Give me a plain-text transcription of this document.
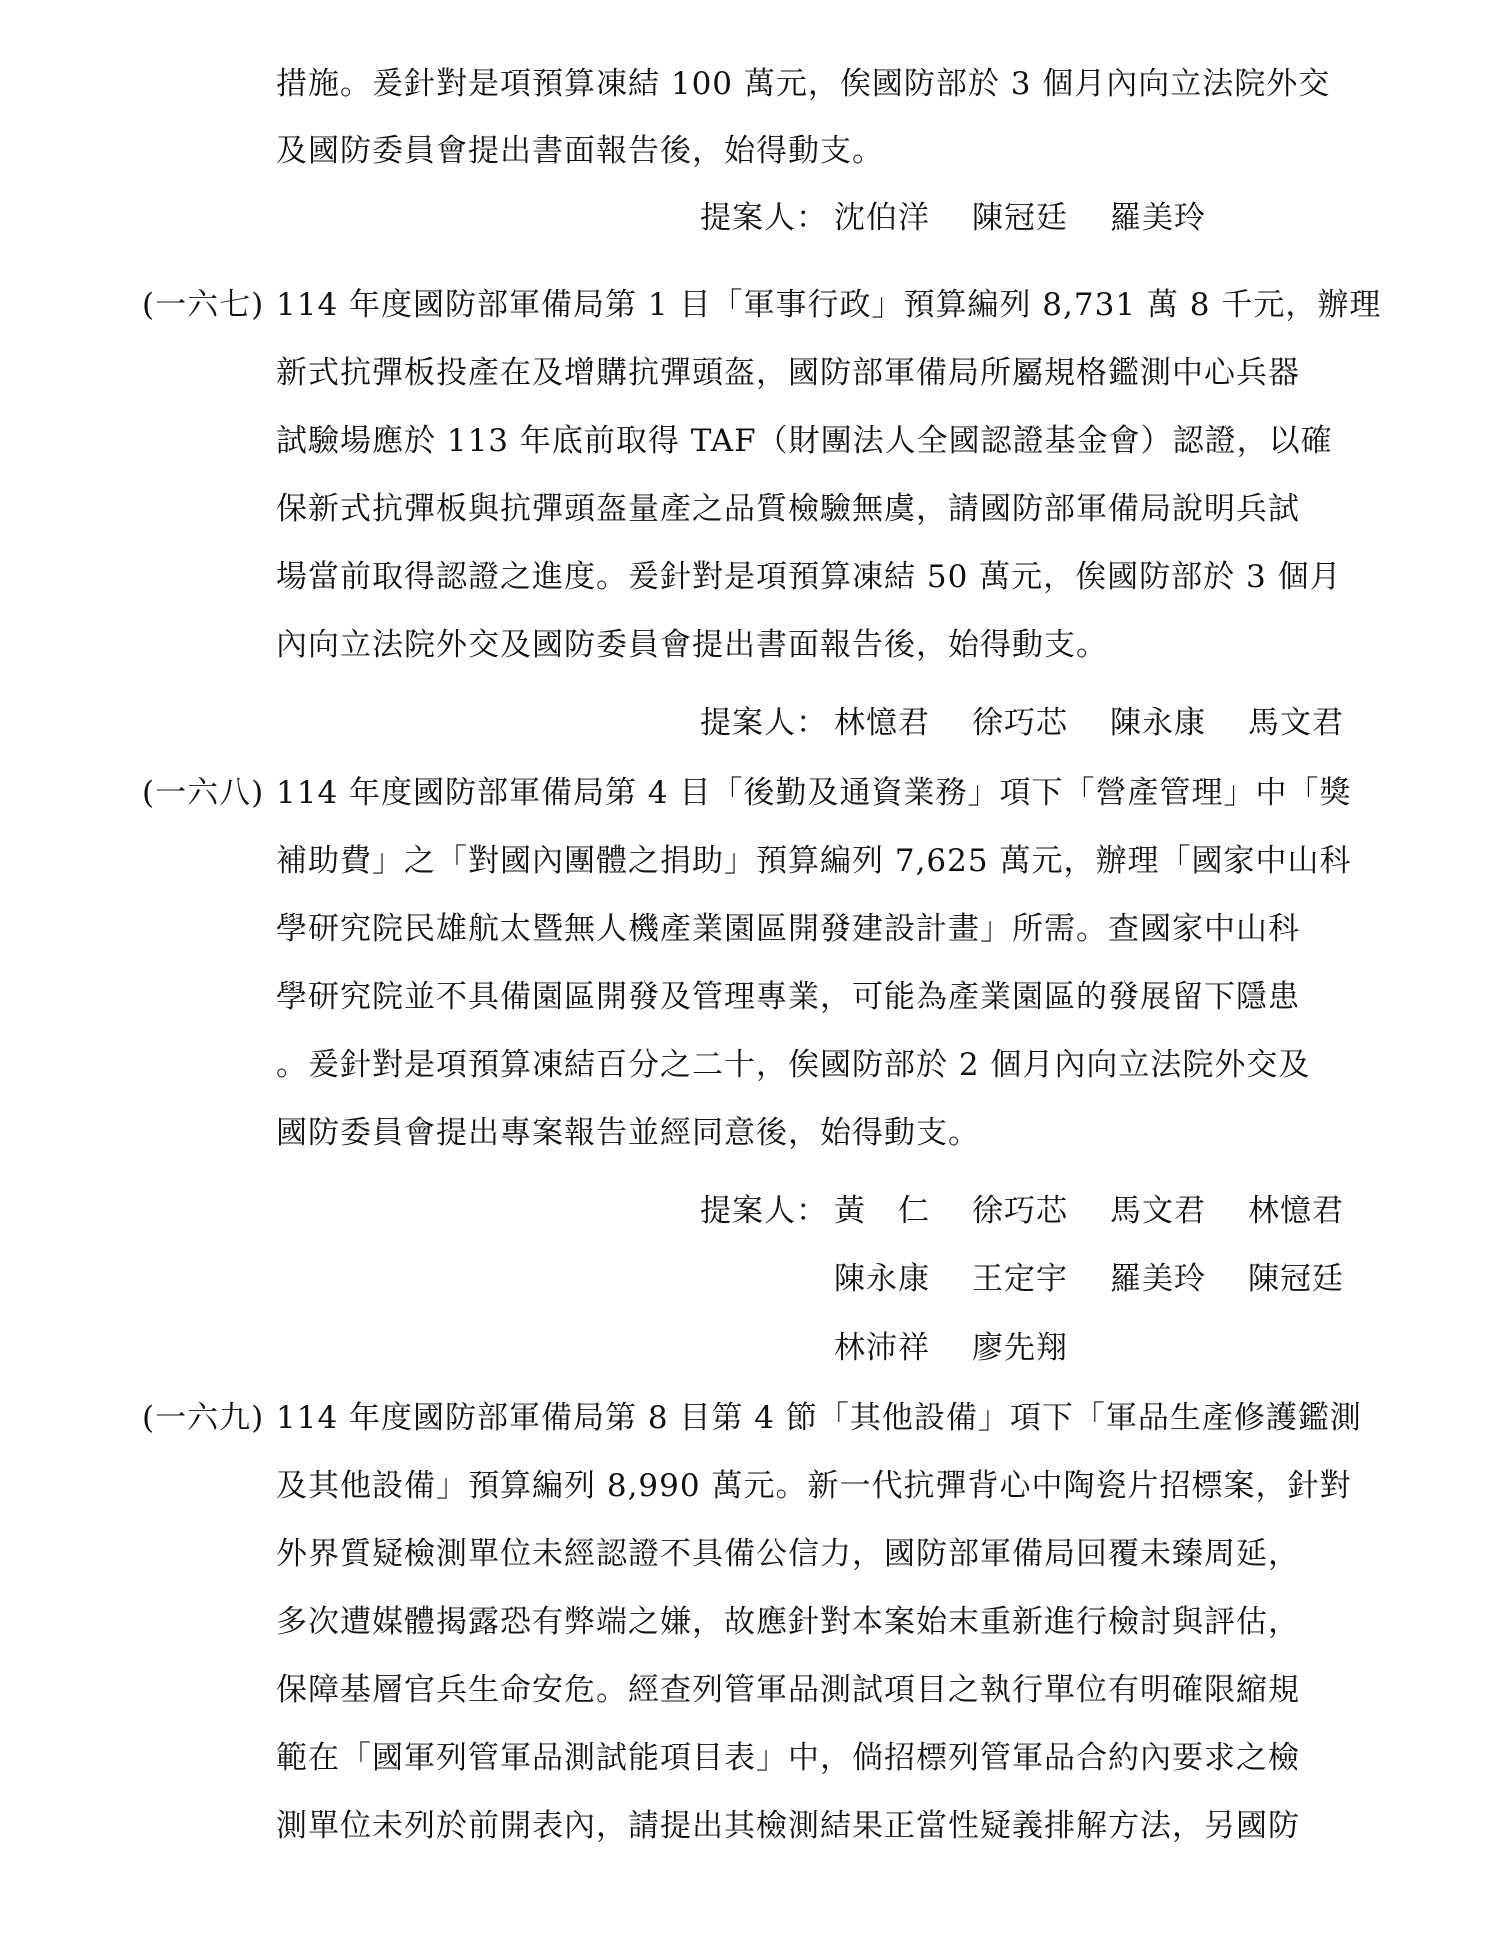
措施。爰針對是項預算凍結 100 萬元，俟國防部於 3 個月內向立法院外交
及國防委員會提出書面報告後，始得動支。
提案人： 沈伯洋 陳冠廷 羅美玲
(一六七) 114 年度國防部軍備局第 1 目「軍事行政」預算編列 8,731 萬 8 千元，辦理
新式抗彈板投產在及增購抗彈頭盔，國防部軍備局所屬規格鑑測中心兵器
試驗場應於 113 年底前取得 TAF（財團法人全國認證基金會）認證，以確
保新式抗彈板與抗彈頭盔量產之品質檢驗無虞，請國防部軍備局說明兵試
場當前取得認證之進度。爰針對是項預算凍結 50 萬元，俟國防部於 3 個月
內向立法院外交及國防委員會提出書面報告後，始得動支。
提案人： 林憶君 徐巧芯 陳永康 馬文君
(一六八) 114 年度國防部軍備局第 4 目「後勤及通資業務」項下「營產管理」中「獎
補助費」之「對國內團體之捐助」預算編列 7,625 萬元，辦理「國家中山科
學研究院民雄航太暨無人機產業園區開發建設計畫」所需。查國家中山科
學研究院並不具備園區開發及管理專業，可能為產業園區的發展留下隱患
。爰針對是項預算凍結百分之二十，俟國防部於 2 個月內向立法院外交及
國防委員會提出專案報告並經同意後，始得動支。
提案人： 黃　仁 徐巧芯 馬文君 林憶君
陳永康 王定宇 羅美玲 陳冠廷
林沛祥 廖先翔
(一六九) 114 年度國防部軍備局第 8 目第 4 節「其他設備」項下「軍品生產修護鑑測
及其他設備」預算編列 8,990 萬元。新一代抗彈背心中陶瓷片招標案，針對
外界質疑檢測單位未經認證不具備公信力，國防部軍備局回覆未臻周延，
多次遭媒體揭露恐有弊端之嫌，故應針對本案始末重新進行檢討與評估，
保障基層官兵生命安危。經查列管軍品測試項目之執行單位有明確限縮規
範在「國軍列管軍品測試能項目表」中，倘招標列管軍品合約內要求之檢
測單位未列於前開表內，請提出其檢測結果正當性疑義排解方法，另國防
